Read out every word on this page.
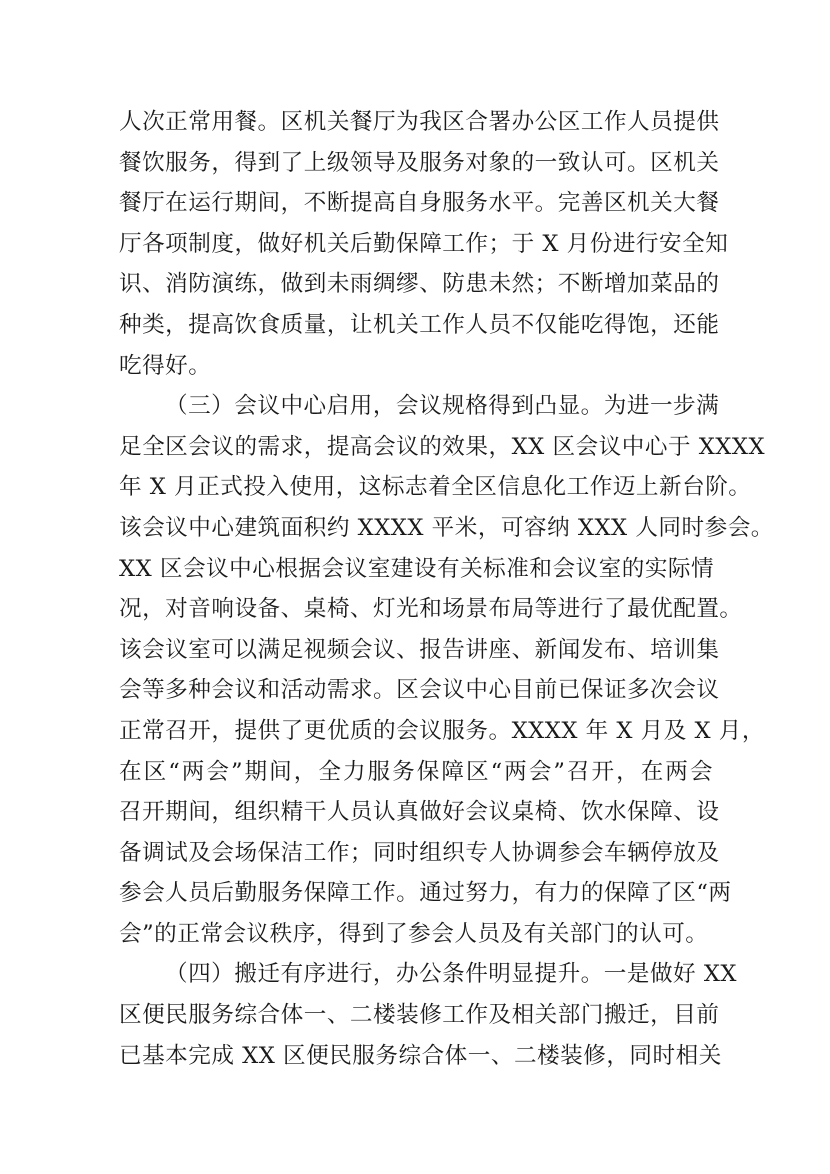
​
​

人次正常用餐。区机关餐厅为我区合署办公区工作人员提供
餐饮服务，得到了上级领导及服务对象的一致认可。区机关
餐厅在运行期间，不断提高自身服务水平。完善区机关大餐
厅各项制度，做好机关后勤保障工作；于 X 月份进行安全知
识、消防演练，做到未雨绸缪、防患未然；不断增加菜品的
种类，提高饮食质量，让机关工作人员不仅能吃得饱，还能
吃得好。

（三）会议中心启用，会议规格得到凸显。为进一步满
足全区会议的需求，提高会议的效果，XX 区会议中心于 XXXX
年 X 月正式投入使用，这标志着全区信息化工作迈上新台阶。
该会议中心建筑面积约 XXXX 平米，可容纳 XXX 人同时参会。
XX 区会议中心根据会议室建设有关标准和会议室的实际情
况，对音响设备、桌椅、灯光和场景布局等进行了最优配置。
该会议室可以满足视频会议、报告讲座、新闻发布、培训集
会等多种会议和活动需求。区会议中心目前已保证多次会议
正常召开，提供了更优质的会议服务。XXXX 年 X 月及 X 月，
在区“两会”期间，全力服务保障区“两会”召开，在两会
召开期间，组织精干人员认真做好会议桌椅、饮水保障、设
备调试及会场保洁工作；同时组织专人协调参会车辆停放及
参会人员后勤服务保障工作。通过努力，有力的保障了区“两
会”的正常会议秩序，得到了参会人员及有关部门的认可。

（四）搬迁有序进行，办公条件明显提升。一是做好 XX
区便民服务综合体一、二楼装修工作及相关部门搬迁，目前
已基本完成 XX 区便民服务综合体一、二楼装修，同时相关
